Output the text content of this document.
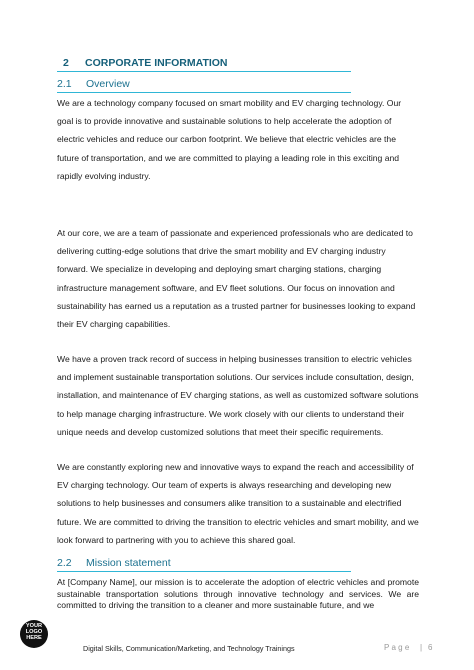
2 CORPORATE INFORMATION
2.1 Overview

We are a technology company focused on smart mobility and EV charging technology. Our goal is to provide innovative and sustainable solutions to help accelerate the adoption of electric vehicles and reduce our carbon footprint. We believe that electric vehicles are the future of transportation, and we are committed to playing a leading role in this exciting and rapidly evolving industry.

At our core, we are a team of passionate and experienced professionals who are dedicated to delivering cutting-edge solutions that drive the smart mobility and EV charging industry forward. We specialize in developing and deploying smart charging stations, charging infrastructure management software, and EV fleet solutions. Our focus on innovation and sustainability has earned us a reputation as a trusted partner for businesses looking to expand their EV charging capabilities.

We have a proven track record of success in helping businesses transition to electric vehicles and implement sustainable transportation solutions. Our services include consultation, design, installation, and maintenance of EV charging stations, as well as customized software solutions to help manage charging infrastructure. We work closely with our clients to understand their unique needs and develop customized solutions that meet their specific requirements.

We are constantly exploring new and innovative ways to expand the reach and accessibility of EV charging technology. Our team of experts is always researching and developing new solutions to help businesses and consumers alike transition to a sustainable and electrified future. We are committed to driving the transition to electric vehicles and smart mobility, and we look forward to partnering with you to achieve this shared goal.

2.2 Mission statement

At [Company Name], our mission is to accelerate the adoption of electric vehicles and promote sustainable transportation solutions through innovative technology and services. We are committed to driving the transition to a cleaner and more sustainable future, and we

YOUR LOGO HERE
Digital Skills, Communication/Marketing, and Technology Trainings	Page | 6
